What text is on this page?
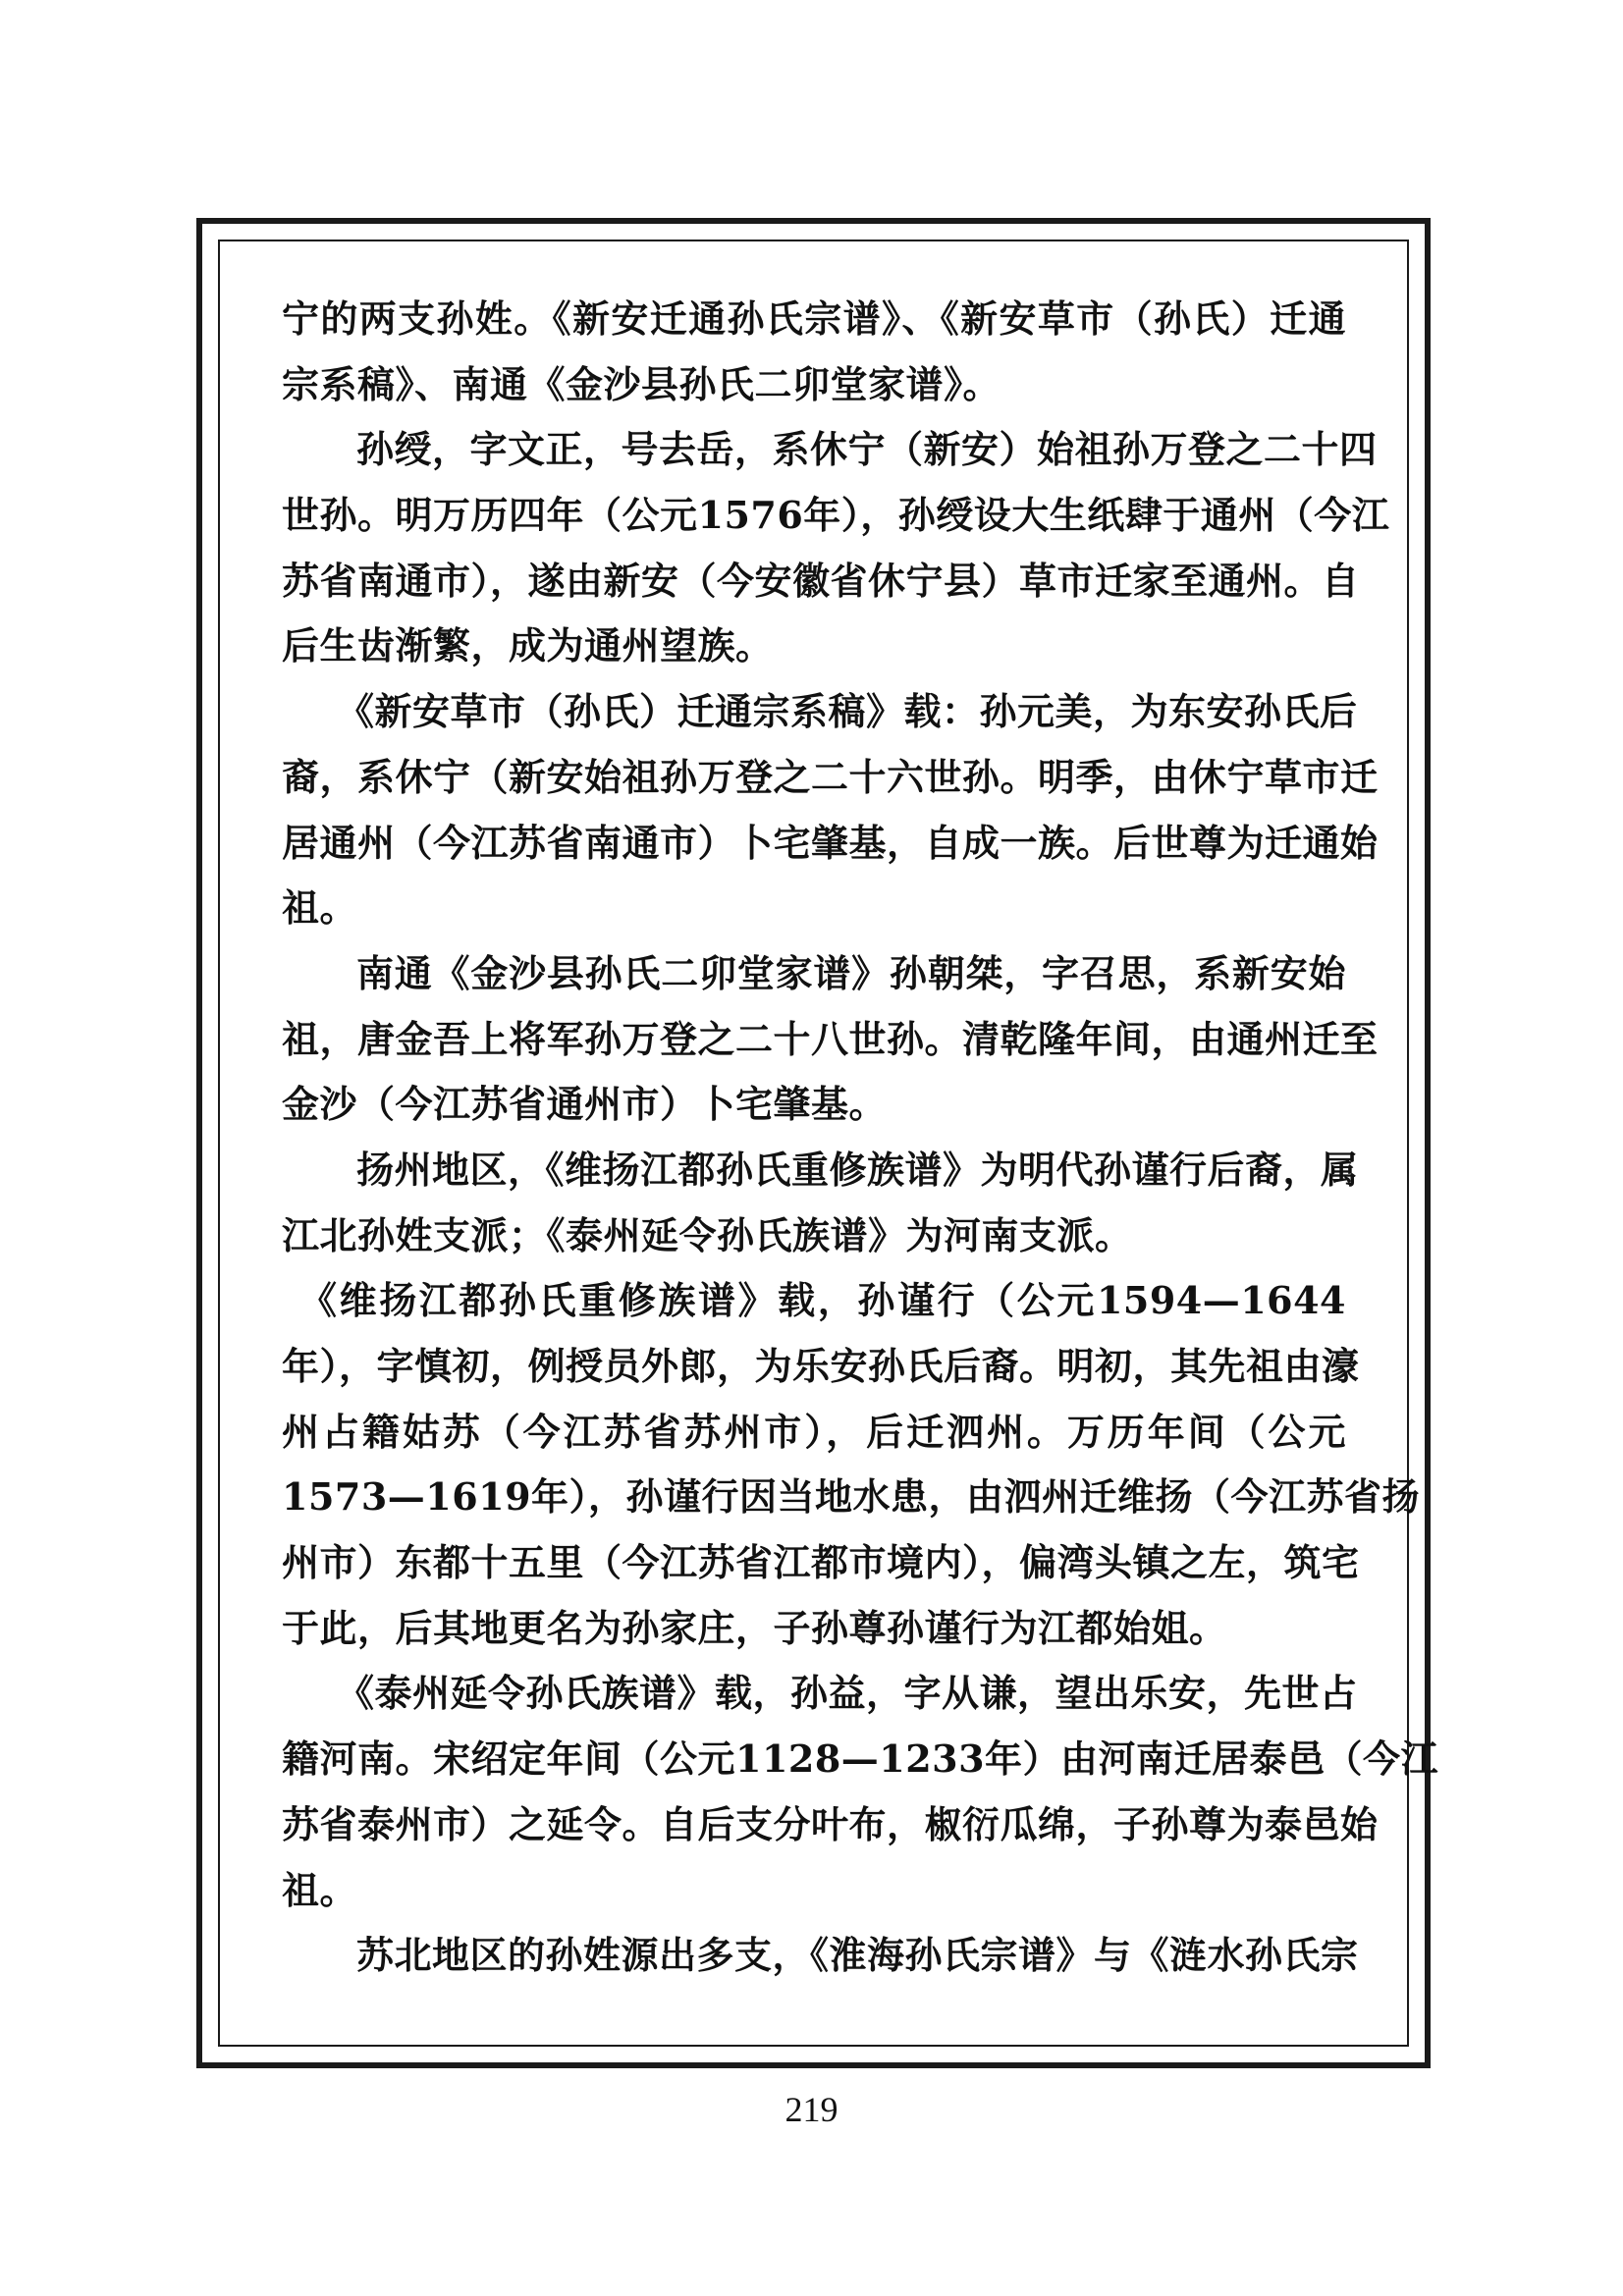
宁的两支孙姓。《新安迁通孙氏宗谱》、《新安草市（孙氏）迁通
宗系稿》、南通《金沙县孙氏二卯堂家谱》。
孙绶，字文正，号去岳，系休宁（新安）始祖孙万登之二十四
世孙。明万历四年（公元1576年），孙绶设大生纸肆于通州（今江
苏省南通市），遂由新安（今安徽省休宁县）草市迁家至通州。自
后生齿渐繁，成为通州望族。
《新安草市（孙氏）迁通宗系稿》载：孙元美，为东安孙氏后
裔，系休宁（新安始祖孙万登之二十六世孙。明季，由休宁草市迁
居通州（今江苏省南通市）卜宅肇基，自成一族。后世尊为迁通始
祖。
南通《金沙县孙氏二卯堂家谱》孙朝桀，字召思，系新安始
祖，唐金吾上将军孙万登之二十八世孙。清乾隆年间，由通州迁至
金沙（今江苏省通州市）卜宅肇基。
扬州地区，《维扬江都孙氏重修族谱》为明代孙谨行后裔，属
江北孙姓支派；《泰州延令孙氏族谱》为河南支派。
《维扬江都孙氏重修族谱》载，孙谨行（公元1594—1644
年），字慎初，例授员外郎，为乐安孙氏后裔。明初，其先祖由濠
州占籍姑苏（今江苏省苏州市），后迁泗州。万历年间（公元
1573—1619年），孙谨行因当地水患，由泗州迁维扬（今江苏省扬
州市）东都十五里（今江苏省江都市境内），偏湾头镇之左，筑宅
于此，后其地更名为孙家庄，子孙尊孙谨行为江都始姐。
《泰州延令孙氏族谱》载，孙益，字从谦，望出乐安，先世占
籍河南。宋绍定年间（公元1128—1233年）由河南迁居泰邑（今江
苏省泰州市）之延令。自后支分叶布，椒衍瓜绵，子孙尊为泰邑始
祖。
苏北地区的孙姓源出多支，《淮海孙氏宗谱》与《涟水孙氏宗
219
